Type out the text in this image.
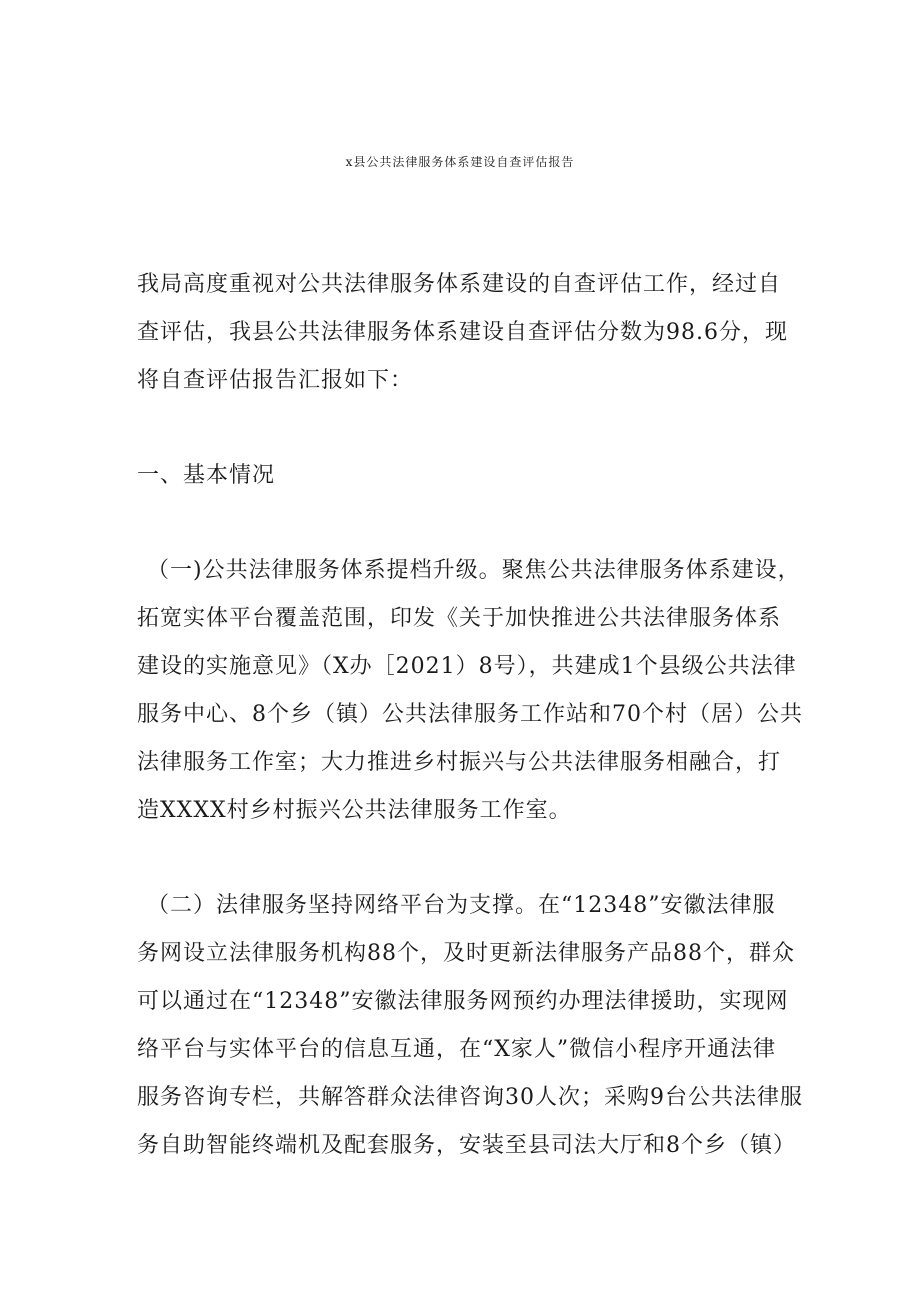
x县公共法律服务体系建设自查评估报告
我局高度重视对公共法律服务体系建设的自查评估工作，经过自
查评估，我县公共法律服务体系建设自查评估分数为98.6分，现
将自查评估报告汇报如下：
一、基本情况
（一)公共法律服务体系提档升级。聚焦公共法律服务体系建设，
拓宽实体平台覆盖范围，印发《关于加快推进公共法律服务体系
建设的实施意见》（X办［2021）8号），共建成1个县级公共法律
服务中心、8个乡（镇）公共法律服务工作站和70个村（居）公共
法律服务工作室；大力推进乡村振兴与公共法律服务相融合，打
造XXXX村乡村振兴公共法律服务工作室。
（二）法律服务坚持网络平台为支撑。在“12348”安徽法律服
务网设立法律服务机构88个，及时更新法律服务产品88个，群众
可以通过在“12348”安徽法律服务网预约办理法律援助，实现网
络平台与实体平台的信息互通，在“X家人”微信小程序开通法律
服务咨询专栏，共解答群众法律咨询30人次；采购9台公共法律服
务自助智能终端机及配套服务，安装至县司法大厅和8个乡（镇）
